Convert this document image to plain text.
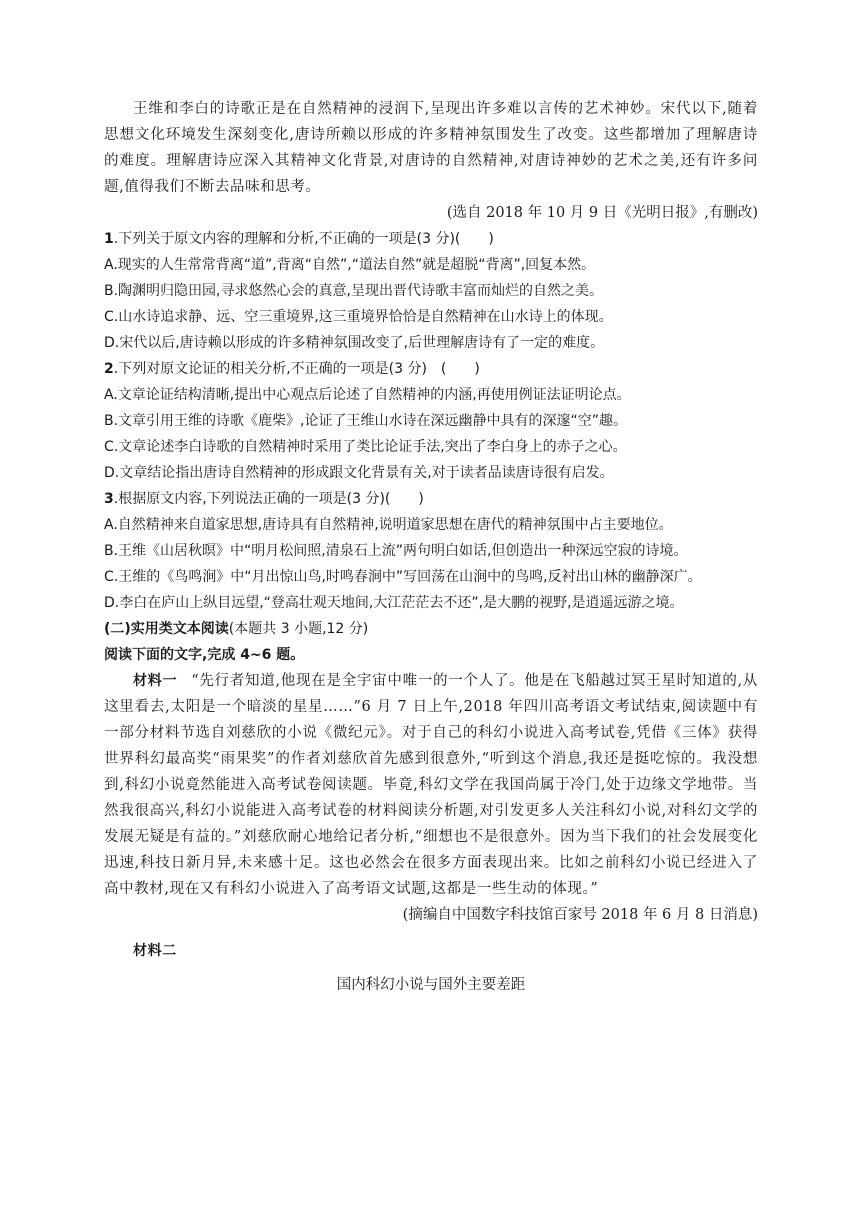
王维和李白的诗歌正是在自然精神的浸润下,呈现出许多难以言传的艺术神妙。宋代以下,随着思想文化环境发生深刻变化,唐诗所赖以形成的许多精神氛围发生了改变。这些都增加了理解唐诗的难度。理解唐诗应深入其精神文化背景,对唐诗的自然精神,对唐诗神妙的艺术之美,还有许多问题,值得我们不断去品味和思考。

(选自 2018 年 10 月 9 日《光明日报》,有删改)

1.下列关于原文内容的理解和分析,不正确的一项是(3 分)(　　)

A.现实的人生常常背离“道”,背离“自然”,“道法自然”就是超脱“背离”,回复本然。

B.陶渊明归隐田园,寻求悠然心会的真意,呈现出晋代诗歌丰富而灿烂的自然之美。

C.山水诗追求静、远、空三重境界,这三重境界恰恰是自然精神在山水诗上的体现。

D.宋代以后,唐诗赖以形成的许多精神氛围改变了,后世理解唐诗有了一定的难度。

2.下列对原文论证的相关分析,不正确的一项是(3 分)　(　　)

A.文章论证结构清晰,提出中心观点后论述了自然精神的内涵,再使用例证法证明论点。

B.文章引用王维的诗歌《鹿柴》,论证了王维山水诗在深远幽静中具有的深邃“空”趣。

C.文章论述李白诗歌的自然精神时采用了类比论证手法,突出了李白身上的赤子之心。

D.文章结论指出唐诗自然精神的形成跟文化背景有关,对于读者品读唐诗很有启发。

3.根据原文内容,下列说法正确的一项是(3 分)(　　)

A.自然精神来自道家思想,唐诗具有自然精神,说明道家思想在唐代的精神氛围中占主要地位。

B.王维《山居秋暝》中“明月松间照,清泉石上流”两句明白如话,但创造出一种深远空寂的诗境。

C.王维的《鸟鸣涧》中“月出惊山鸟,时鸣春涧中”写回荡在山涧中的鸟鸣,反衬出山林的幽静深广。

D.李白在庐山上纵目远望,“登高壮观天地间,大江茫茫去不还”,是大鹏的视野,是逍遥远游之境。

(二)实用类文本阅读(本题共 3 小题,12 分)

阅读下面的文字,完成 4~6 题。

材料一 “先行者知道,他现在是全宇宙中唯一的一个人了。他是在飞船越过冥王星时知道的,从这里看去,太阳是一个暗淡的星星……”6 月 7 日上午,2018 年四川高考语文考试结束,阅读题中有一部分材料节选自刘慈欣的小说《微纪元》。对于自己的科幻小说进入高考试卷,凭借《三体》获得世界科幻最高奖“雨果奖”的作者刘慈欣首先感到很意外,“听到这个消息,我还是挺吃惊的。我没想到,科幻小说竟然能进入高考试卷阅读题。毕竟,科幻文学在我国尚属于冷门,处于边缘文学地带。当然我很高兴,科幻小说能进入高考试卷的材料阅读分析题,对引发更多人关注科幻小说,对科幻文学的发展无疑是有益的。”刘慈欣耐心地给记者分析,“细想也不是很意外。因为当下我们的社会发展变化迅速,科技日新月异,未来感十足。这也必然会在很多方面表现出来。比如之前科幻小说已经进入了高中教材,现在又有科幻小说进入了高考语文试题,这都是一些生动的体现。”

(摘编自中国数字科技馆百家号 2018 年 6 月 8 日消息)

材料二

国内科幻小说与国外主要差距
